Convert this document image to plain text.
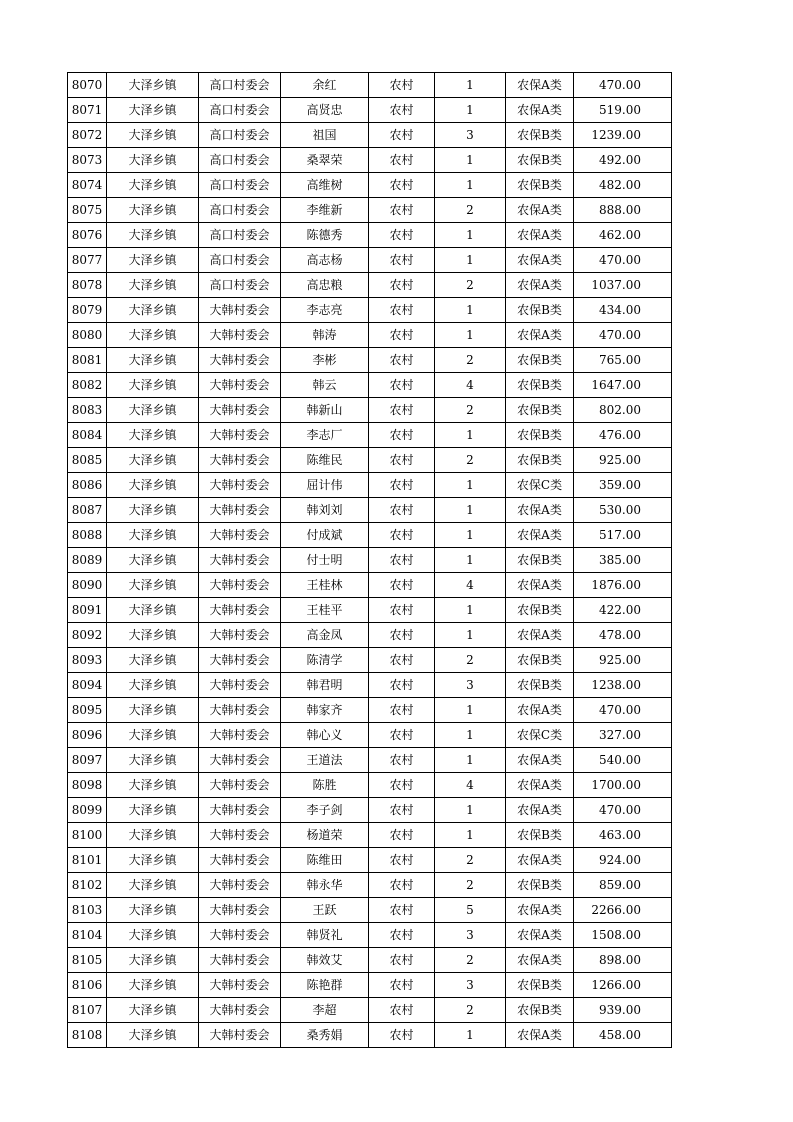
8070	大泽乡镇	高口村委会	余红	农村	1	农保A类	470.00
8071	大泽乡镇	高口村委会	高贤忠	农村	1	农保A类	519.00
8072	大泽乡镇	高口村委会	祖国	农村	3	农保B类	1239.00
8073	大泽乡镇	高口村委会	桑翠荣	农村	1	农保B类	492.00
8074	大泽乡镇	高口村委会	高维树	农村	1	农保B类	482.00
8075	大泽乡镇	高口村委会	李维新	农村	2	农保A类	888.00
8076	大泽乡镇	高口村委会	陈德秀	农村	1	农保A类	462.00
8077	大泽乡镇	高口村委会	高志杨	农村	1	农保A类	470.00
8078	大泽乡镇	高口村委会	高忠粮	农村	2	农保A类	1037.00
8079	大泽乡镇	大韩村委会	李志亮	农村	1	农保B类	434.00
8080	大泽乡镇	大韩村委会	韩涛	农村	1	农保A类	470.00
8081	大泽乡镇	大韩村委会	李彬	农村	2	农保B类	765.00
8082	大泽乡镇	大韩村委会	韩云	农村	4	农保B类	1647.00
8083	大泽乡镇	大韩村委会	韩新山	农村	2	农保B类	802.00
8084	大泽乡镇	大韩村委会	李志厂	农村	1	农保B类	476.00
8085	大泽乡镇	大韩村委会	陈维民	农村	2	农保B类	925.00
8086	大泽乡镇	大韩村委会	屈计伟	农村	1	农保C类	359.00
8087	大泽乡镇	大韩村委会	韩刘刘	农村	1	农保A类	530.00
8088	大泽乡镇	大韩村委会	付成斌	农村	1	农保A类	517.00
8089	大泽乡镇	大韩村委会	付士明	农村	1	农保B类	385.00
8090	大泽乡镇	大韩村委会	王桂林	农村	4	农保A类	1876.00
8091	大泽乡镇	大韩村委会	王桂平	农村	1	农保B类	422.00
8092	大泽乡镇	大韩村委会	高金凤	农村	1	农保A类	478.00
8093	大泽乡镇	大韩村委会	陈清学	农村	2	农保B类	925.00
8094	大泽乡镇	大韩村委会	韩君明	农村	3	农保B类	1238.00
8095	大泽乡镇	大韩村委会	韩家齐	农村	1	农保A类	470.00
8096	大泽乡镇	大韩村委会	韩心义	农村	1	农保C类	327.00
8097	大泽乡镇	大韩村委会	王道法	农村	1	农保A类	540.00
8098	大泽乡镇	大韩村委会	陈胜	农村	4	农保A类	1700.00
8099	大泽乡镇	大韩村委会	李子剑	农村	1	农保A类	470.00
8100	大泽乡镇	大韩村委会	杨道荣	农村	1	农保B类	463.00
8101	大泽乡镇	大韩村委会	陈维田	农村	2	农保A类	924.00
8102	大泽乡镇	大韩村委会	韩永华	农村	2	农保B类	859.00
8103	大泽乡镇	大韩村委会	王跃	农村	5	农保A类	2266.00
8104	大泽乡镇	大韩村委会	韩贤礼	农村	3	农保A类	1508.00
8105	大泽乡镇	大韩村委会	韩效艾	农村	2	农保A类	898.00
8106	大泽乡镇	大韩村委会	陈艳群	农村	3	农保B类	1266.00
8107	大泽乡镇	大韩村委会	李超	农村	2	农保B类	939.00
8108	大泽乡镇	大韩村委会	桑秀娟	农村	1	农保A类	458.00
